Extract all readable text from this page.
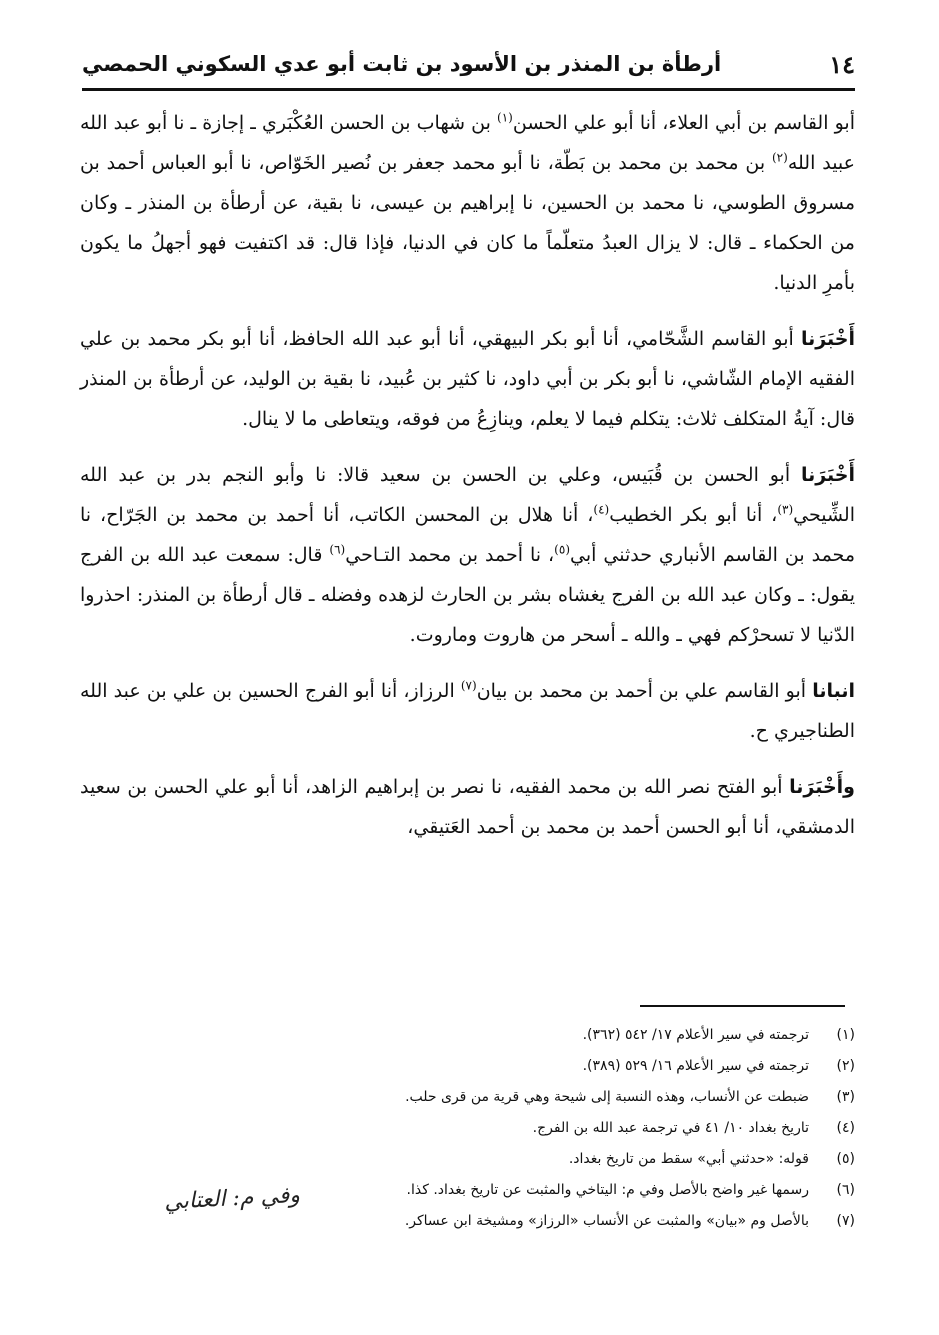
١٤
أرطأة بن المنذر بن الأسود بن ثابت أبو عدي السكوني الحمصي

أبو القاسم بن أبي العلاء، أنا أبو علي الحسن$^{(١)}$ بن شهاب بن الحسن العُكْبَري ـ إجازة ـ نا أبو عبد الله عبيد الله$^{(٢)}$ بن محمد بن محمد بن بَطّة، نا أبو محمد جعفر بن نُصير الخَوّاص، نا أبو العباس أحمد بن مسروق الطوسي، نا محمد بن الحسين، نا إبراهيم بن عيسى، نا بقية، عن أرطأة بن المنذر ـ وكان من الحكماء ـ قال: لا يزال العبدُ متعلّماً ما كان في الدنيا، فإذا قال: قد اكتفيت فهو أجهلُ ما يكون بأمرِ الدنيا.

أَخْبَرَنا أبو القاسم الشَّحّامي، أنا أبو بكر البيهقي، أنا أبو عبد الله الحافظ، أنا أبو بكر محمد بن علي الفقيه الإمام الشّاشي، نا أبو بكر بن أبي داود، نا كثير بن عُبيد، نا بقية بن الوليد، عن أرطأة بن المنذر قال: آيةُ المتكلف ثلاث: يتكلم فيما لا يعلم، وينازِعُ من فوقه، ويتعاطى ما لا ينال.

أَخْبَرَنا أبو الحسن بن قُبَيس، وعلي بن الحسن بن سعيد قالا: نا وأبو النجم بدر بن عبد الله الشِّيحي$^{(٣)}$، أنا أبو بكر الخطيب$^{(٤)}$، أنا هلال بن المحسن الكاتب، أنا أحمد بن محمد بن الجَرّاح، نا محمد بن القاسم الأنباري حدثني أبي$^{(٥)}$، نا أحمد بن محمد التـاحي$^{(٦)}$ قال: سمعت عبد الله بن الفرج يقول: ـ وكان عبد الله بن الفرج يغشاه بشر بن الحارث لزهده وفضله ـ قال أرطأة بن المنذر: احذروا الدّنيا لا تسحرْكم فهي ـ والله ـ أسحر من هاروت وماروت.

انبانا أبو القاسم علي بن أحمد بن محمد بن بيان$^{(٧)}$ الرزاز، أنا أبو الفرج الحسين بن علي بن عبد الله الطناجيري ح.

وأَخْبَرَنا أبو الفتح نصر الله بن محمد الفقيه، نا نصر بن إبراهيم الزاهد، أنا أبو علي الحسن بن سعيد الدمشقي، أنا أبو الحسن أحمد بن محمد بن أحمد العَتيقي،

(١)
ترجمته في سير الأعلام ١٧/ ٥٤٢ (٣٦٢).
(٢)
ترجمته في سير الأعلام ١٦/ ٥٢٩ (٣٨٩).
(٣)
ضبطت عن الأنساب، وهذه النسبة إلى شيحة وهي قرية من قرى حلب.
(٤)
تاريخ بغداد ١٠/ ٤١ في ترجمة عبد الله بن الفرج.
(٥)
قوله: «حدثني أبي» سقط من تاريخ بغداد.
(٦)
رسمها غير واضح بالأصل وفي م: اليتاخي والمثبت عن تاريخ بغداد. كذا.
(٧)
بالأصل وم «بيان» والمثبت عن الأنساب «الرزاز» ومشيخة ابن عساكر.
وفي م: العتابي
